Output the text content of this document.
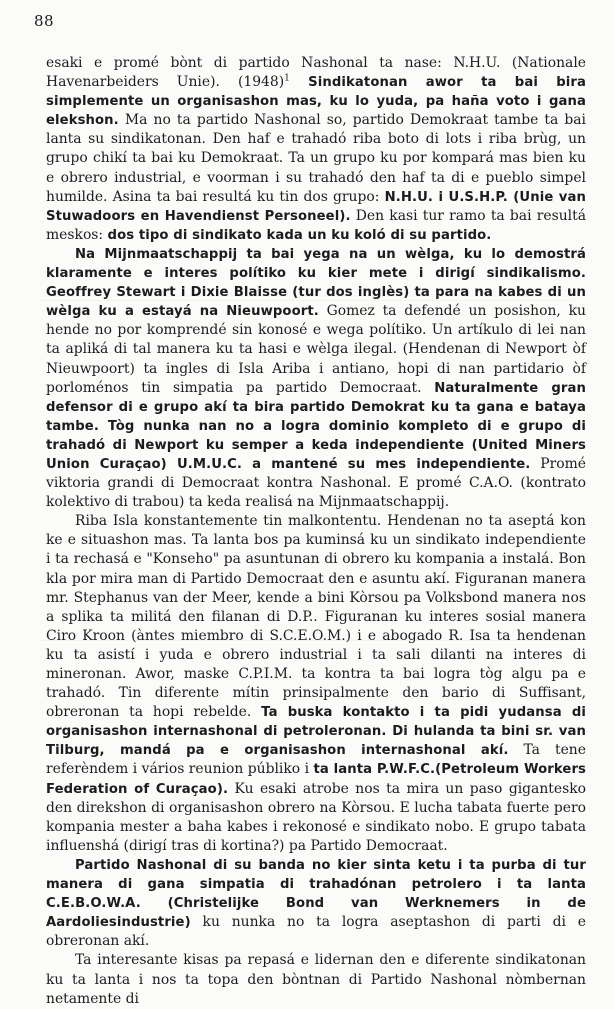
88

esaki e promé bònt di partido Nashonal ta nase: N.H.U. (Nationale Havenarbeiders Unie). $(1948)^1$ Sindikatonan awor ta bai bira simplemente un organisashon mas, ku lo yuda, pa haña voto i gana elekshon. Ma no ta partido Nashonal so, partido Demokraat tambe ta bai lanta su sindikatonan. Den haf e trahadó riba boto di lots i riba brùg, un grupo chikí ta bai ku Demokraat. Ta un grupo ku por kompará mas bien ku e obrero industrial, e voorman i su trahadó den haf ta di e pueblo simpel humilde. Asina ta bai resultá ku tin dos grupo: N.H.U. i U.S.H.P. (Unie van Stuwadoors en Havendienst Personeel). Den kasi tur ramo ta bai resultá meskos: dos tipo di sindikato kada un ku koló di su partido.

Na Mijnmaatschappij ta bai yega na un wèlga, ku lo demostrá klaramente e interes polítiko ku kier mete i dirigí sindikalismo. Geoffrey Stewart i Dixie Blaisse (tur dos inglès) ta para na kabes di un wèlga ku a estayá na Nieuwpoort. Gomez ta defendé un posishon, ku hende no por komprendé sin konosé e wega polítiko. Un artíkulo di lei nan ta apliká di tal manera ku ta hasi e wèlga ilegal. (Hendenan di Newport òf Nieuwpoort) ta ingles di Isla Ariba i antiano, hopi di nan partidario òf porloménos tin simpatia pa partido Democraat. Naturalmente gran defensor di e grupo akí ta bira partido Demokrat ku ta gana e bataya tambe. Tòg nunka nan no a logra dominio kompleto di e grupo di trahadó di Newport ku semper a keda independiente (United Miners Union Curaçao) U.M.U.C. a mantené su mes independiente. Promé viktoria grandi di Democraat kontra Nashonal. E promé C.A.O. (kontrato kolektivo di trabou) ta keda realisá na Mijnmaatschappij.

Riba Isla konstantemente tin malkontentu. Hendenan no ta aseptá kon ke e situashon mas. Ta lanta bos pa kuminsá ku un sindikato independiente i ta rechasá e "Konseho" pa asuntunan di obrero ku kompania a instalá. Bon kla por mira man di Partido Democraat den e asuntu akí. Figuranan manera mr. Stephanus van der Meer, kende a bini Kòrsou pa Volksbond manera nos a splika ta militá den filanan di D.P.. Figuranan ku interes sosial manera Ciro Kroon (àntes miembro di S.C.E.O.M.) i e abogado R. Isa ta hendenan ku ta asistí i yuda e obrero industrial i ta sali dilanti na interes di mineronan. Awor, maske C.P.I.M. ta kontra ta bai logra tòg algu pa e trahadó. Tin diferente mítin prinsipalmente den bario di Suffisant, obreronan ta hopi rebelde. Ta buska kontakto i ta pidi yudansa di organisashon internashonal di petroleronan. Di hulanda ta bini sr. van Tilburg, mandá pa e organisashon internashonal akí. Ta tene referèndem i vários reunion públiko i ta lanta P.W.F.C.(Petroleum Workers Federation of Curaçao). Ku esaki atrobe nos ta mira un paso gigantesko den direkshon di organisashon obrero na Kòrsou. E lucha tabata fuerte pero kompania mester a baha kabes i rekonosé e sindikato nobo. E grupo tabata influenshá (dirigí tras di kortina?) pa Partido Democraat.

Partido Nashonal di su banda no kier sinta ketu i ta purba di tur manera di gana simpatia di trahadónan petrolero i ta lanta C.E.B.O.W.A. (Christelijke Bond van Werknemers in de Aardoliesindustrie) ku nunka no ta logra aseptashon di parti di e obreronan akí.

Ta interesante kisas pa repasá e lidernan den e diferente sindikatonan ku ta lanta i nos ta topa den bòntnan di Partido Nashonal nòmbernan netamente di
